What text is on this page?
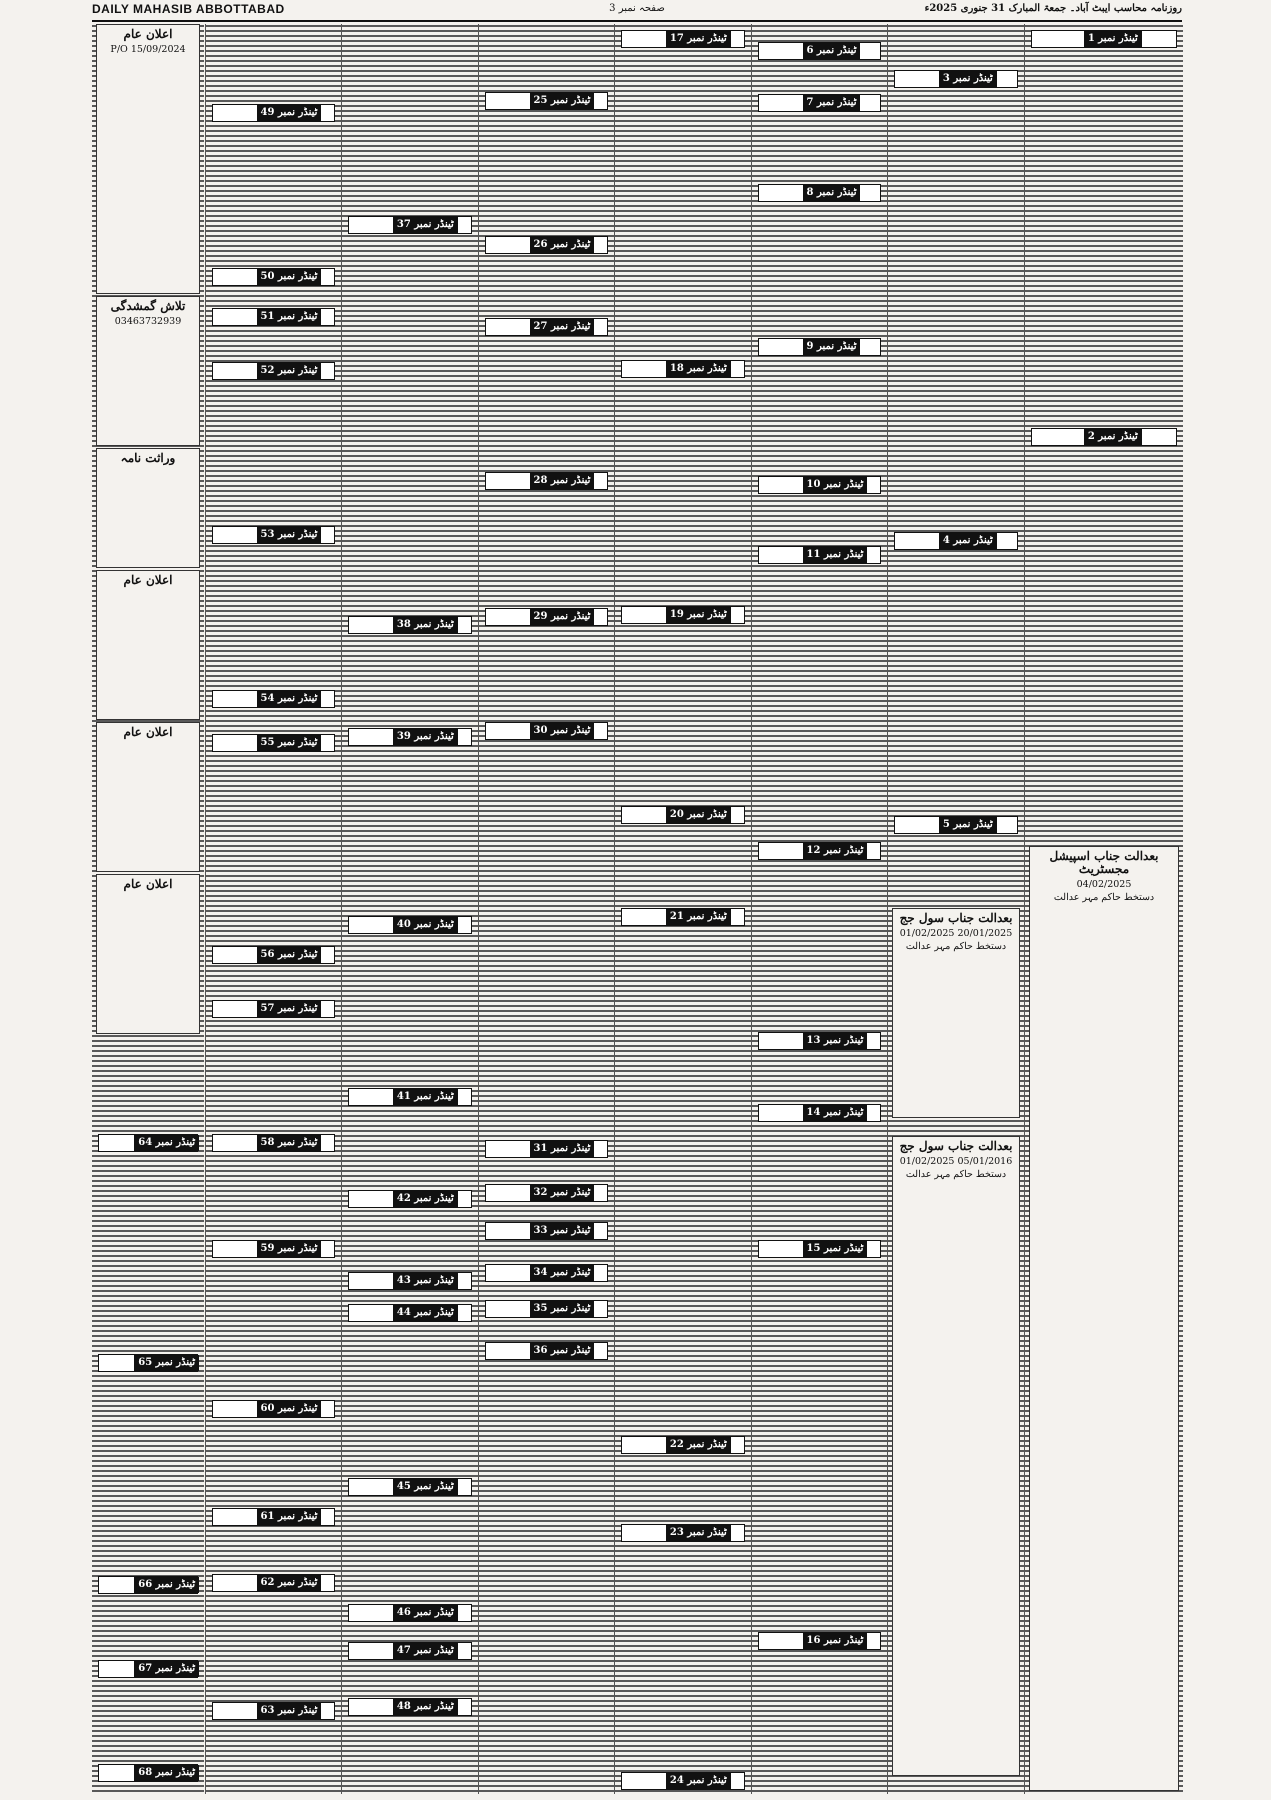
DAILY MAHASIB ABBOTTABAD	صفحہ نمبر 3	روزنامہ محاسب ایبٹ آباد۔ جمعۃ المبارک 31 جنوری 2025ء
اعلان عام
P/O 15/09/2024
تلاش گمشدگی
03463732939
وراثت نامہ
اعلان عام
اعلان عام
اعلان عام
ٹینڈر نمبر 64
ٹینڈر نمبر 65
ٹینڈر نمبر 66
ٹینڈر نمبر 67
ٹینڈر نمبر 68
ٹینڈر نمبر 49
ٹینڈر نمبر 50
ٹینڈر نمبر 51
ٹینڈر نمبر 52
ٹینڈر نمبر 53
ٹینڈر نمبر 54
ٹینڈر نمبر 55
ٹینڈر نمبر 56
ٹینڈر نمبر 57
ٹینڈر نمبر 58
ٹینڈر نمبر 59
ٹینڈر نمبر 60
ٹینڈر نمبر 61
ٹینڈر نمبر 62
ٹینڈر نمبر 63
ٹینڈر نمبر 37
ٹینڈر نمبر 38
ٹینڈر نمبر 39
ٹینڈر نمبر 40
ٹینڈر نمبر 41
ٹینڈر نمبر 42
ٹینڈر نمبر 43
ٹینڈر نمبر 44
ٹینڈر نمبر 45
ٹینڈر نمبر 46
ٹینڈر نمبر 47
ٹینڈر نمبر 48
ٹینڈر نمبر 25
ٹینڈر نمبر 26
ٹینڈر نمبر 27
ٹینڈر نمبر 28
ٹینڈر نمبر 29
ٹینڈر نمبر 30
ٹینڈر نمبر 31
ٹینڈر نمبر 32
ٹینڈر نمبر 33
ٹینڈر نمبر 34
ٹینڈر نمبر 35
ٹینڈر نمبر 36
ٹینڈر نمبر 17
ٹینڈر نمبر 18
ٹینڈر نمبر 19
ٹینڈر نمبر 20
ٹینڈر نمبر 21
ٹینڈر نمبر 22
ٹینڈر نمبر 23
ٹینڈر نمبر 24
ٹینڈر نمبر 6
ٹینڈر نمبر 7
ٹینڈر نمبر 8
ٹینڈر نمبر 9
ٹینڈر نمبر 10
ٹینڈر نمبر 11
ٹینڈر نمبر 12
ٹینڈر نمبر 13
ٹینڈر نمبر 14
ٹینڈر نمبر 15
ٹینڈر نمبر 16
ٹینڈر نمبر 3
ٹینڈر نمبر 4
ٹینڈر نمبر 5
بعدالت جناب سول جج
20/01/2025 01/02/2025
دستخط حاکم مہر عدالت
بعدالت جناب سول جج
05/01/2016 01/02/2025
دستخط حاکم مہر عدالت
ٹینڈر نمبر 1
ٹینڈر نمبر 2
بعدالت جناب اسپیشل مجسٹریٹ
04/02/2025
دستخط حاکم مہر عدالت
